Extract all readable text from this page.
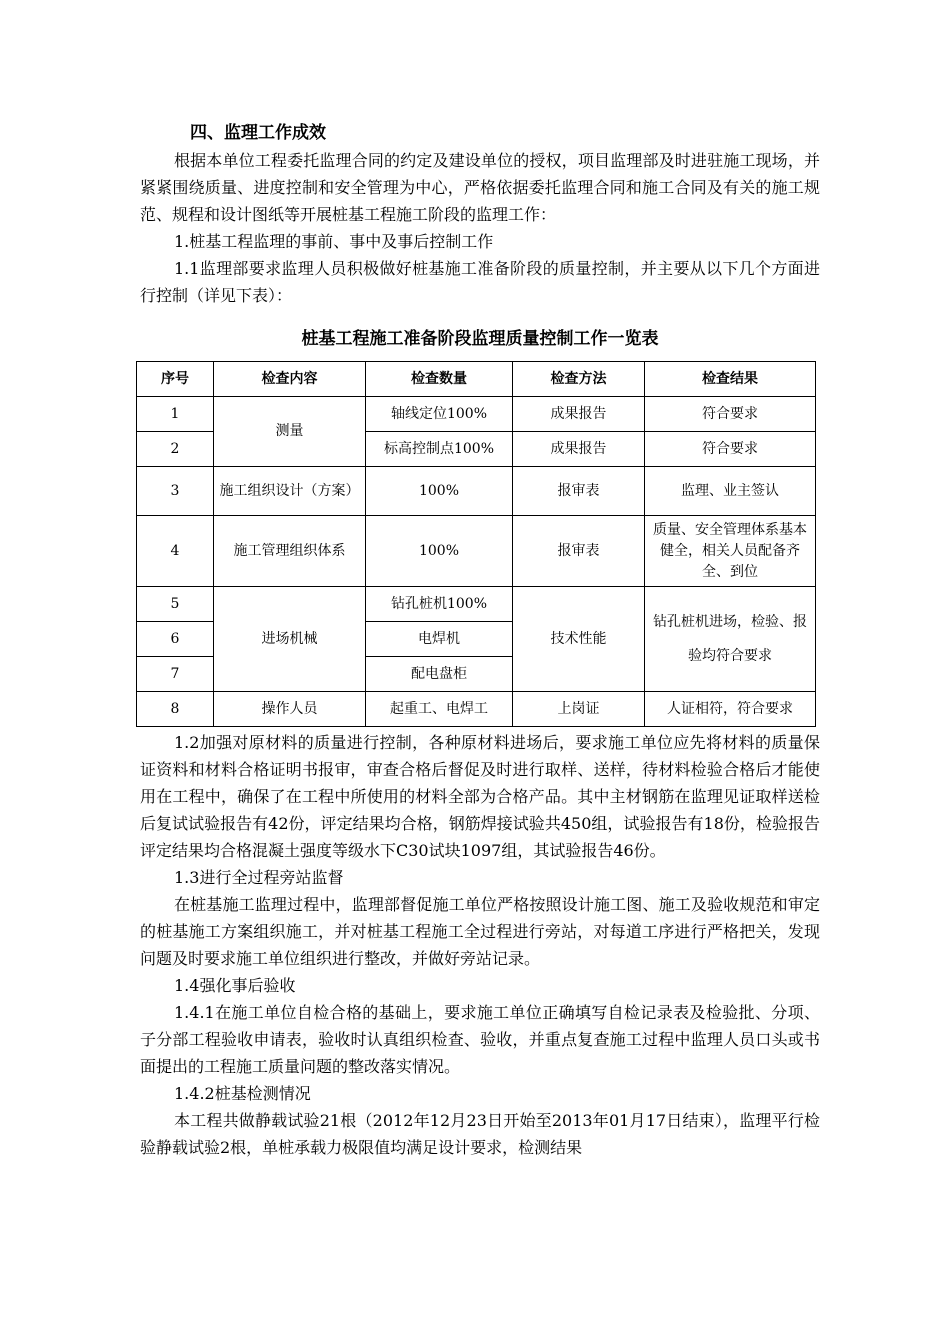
四、监理工作成效

根据本单位工程委托监理合同的约定及建设单位的授权，项目监理部及时进驻施工现场，并紧紧围绕质量、进度控制和安全管理为中心，严格依据委托监理合同和施工合同及有关的施工规范、规程和设计图纸等开展桩基工程施工阶段的监理工作：

1.桩基工程监理的事前、事中及事后控制工作

1.1监理部要求监理人员积极做好桩基施工准备阶段的质量控制，并主要从以下几个方面进行控制（详见下表）：

桩基工程施工准备阶段监理质量控制工作一览表
序号	检查内容	检查数量	检查方法	检查结果
1	测量	轴线定位100%	成果报告	符合要求
2		标高控制点100%	成果报告	符合要求
3	施工组织设计（方案）	100%	报审表	监理、业主签认
4	施工管理组织体系	100%	报审表	质量、安全管理体系基本健全，相关人员配备齐全、到位
5	进场机械	钻孔桩机100%	技术性能	钻孔桩机进场，检验、报验均符合要求
6		电焊机		
7		配电盘柜		
8	操作人员	起重工、电焊工	上岗证	人证相符，符合要求

1.2加强对原材料的质量进行控制，各种原材料进场后，要求施工单位应先将材料的质量保证资料和材料合格证明书报审，审查合格后督促及时进行取样、送样，待材料检验合格后才能使用在工程中，确保了在工程中所使用的材料全部为合格产品。其中主材钢筋在监理见证取样送检后复试试验报告有42份，评定结果均合格，钢筋焊接试验共450组，试验报告有18份，检验报告评定结果均合格混凝土强度等级水下C30试块1097组，其试验报告46份。

1.3进行全过程旁站监督

在桩基施工监理过程中，监理部督促施工单位严格按照设计施工图、施工及验收规范和审定的桩基施工方案组织施工，并对桩基工程施工全过程进行旁站，对每道工序进行严格把关，发现问题及时要求施工单位组织进行整改，并做好旁站记录。

1.4强化事后验收

1.4.1在施工单位自检合格的基础上，要求施工单位正确填写自检记录表及检验批、分项、子分部工程验收申请表，验收时认真组织检查、验收，并重点复查施工过程中监理人员口头或书面提出的工程施工质量问题的整改落实情况。

1.4.2桩基检测情况

本工程共做静载试验21根（2012年12月23日开始至2013年01月17日结束），监理平行检验静载试验2根，单桩承载力极限值均满足设计要求，检测结果
